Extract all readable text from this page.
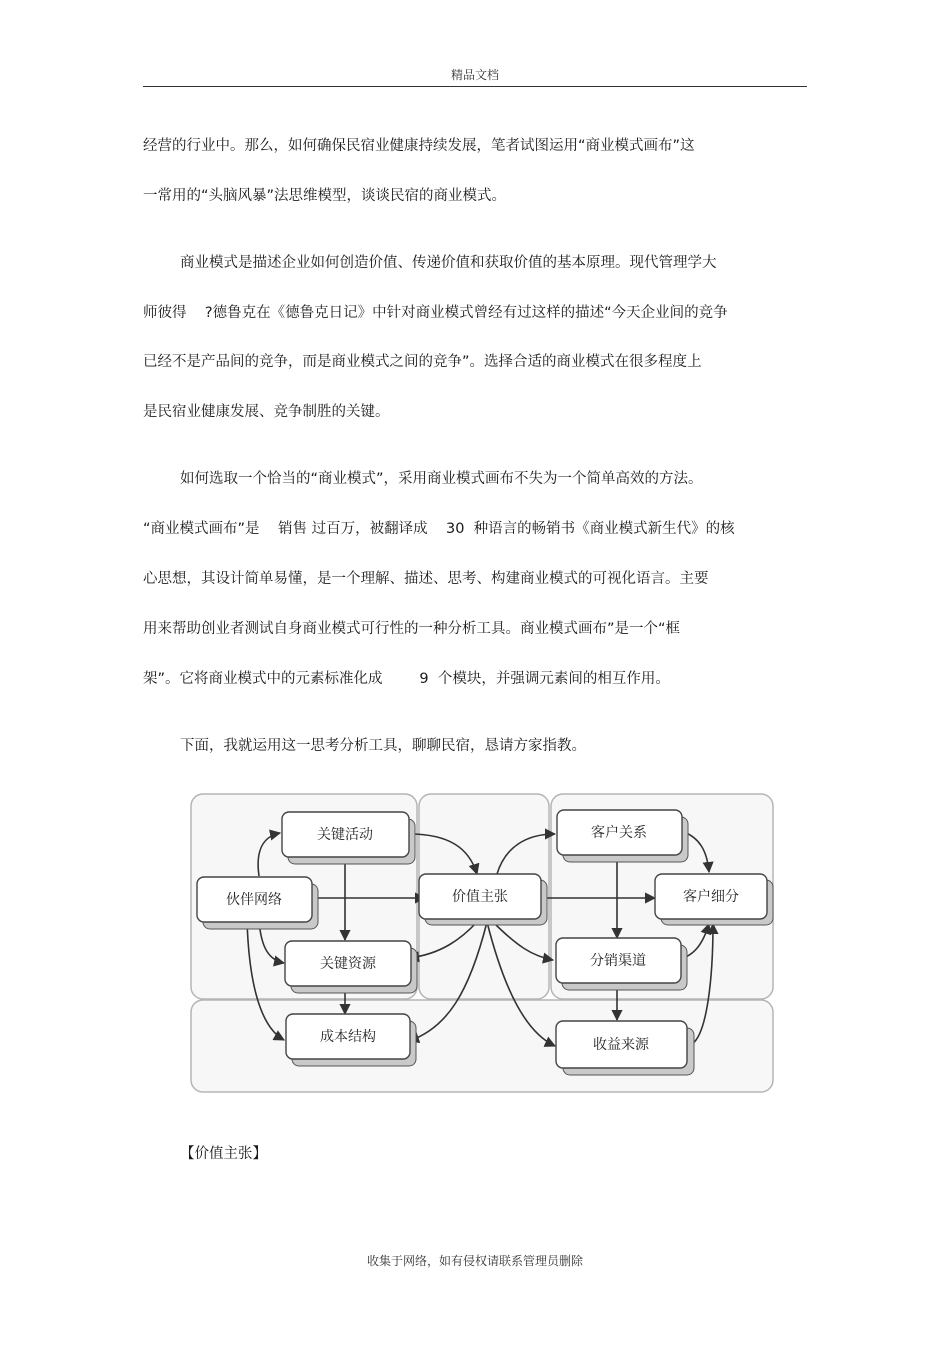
精品文档
经营的行业中。那么，如何确保民宿业健康持续发展，笔者试图运用“商业模式画布”这
一常用的“头脑风暴”法思维模型，谈谈民宿的商业模式。
商业模式是描述企业如何创造价值、传递价值和获取价值的基本原理。现代管理学大
师彼得    ?德鲁克在《德鲁克日记》中针对商业模式曾经有过这样的描述“今天企业间的竞争
已经不是产品间的竞争，而是商业模式之间的竞争”。选择合适的商业模式在很多程度上
是民宿业健康发展、竞争制胜的关键。
如何选取一个恰当的“商业模式”，采用商业模式画布不失为一个简单高效的方法。
“商业模式画布”是    销售 过百万，被翻译成    30  种语言的畅销书《商业模式新生代》的核
心思想，其设计简单易懂，是一个理解、描述、思考、构建商业模式的可视化语言。主要
用来帮助创业者测试自身商业模式可行性的一种分析工具。商业模式画布”是一个“框
架”。它将商业模式中的元素标准化成        9  个模块，并强调元素间的相互作用。
下面，我就运用这一思考分析工具，聊聊民宿，恳请方家指教。
关键活动
伙伴网络
关键资源
成本结构
价值主张
客户关系
客户细分
分销渠道
收益来源
【价值主张】
收集于网络，如有侵权请联系管理员删除
